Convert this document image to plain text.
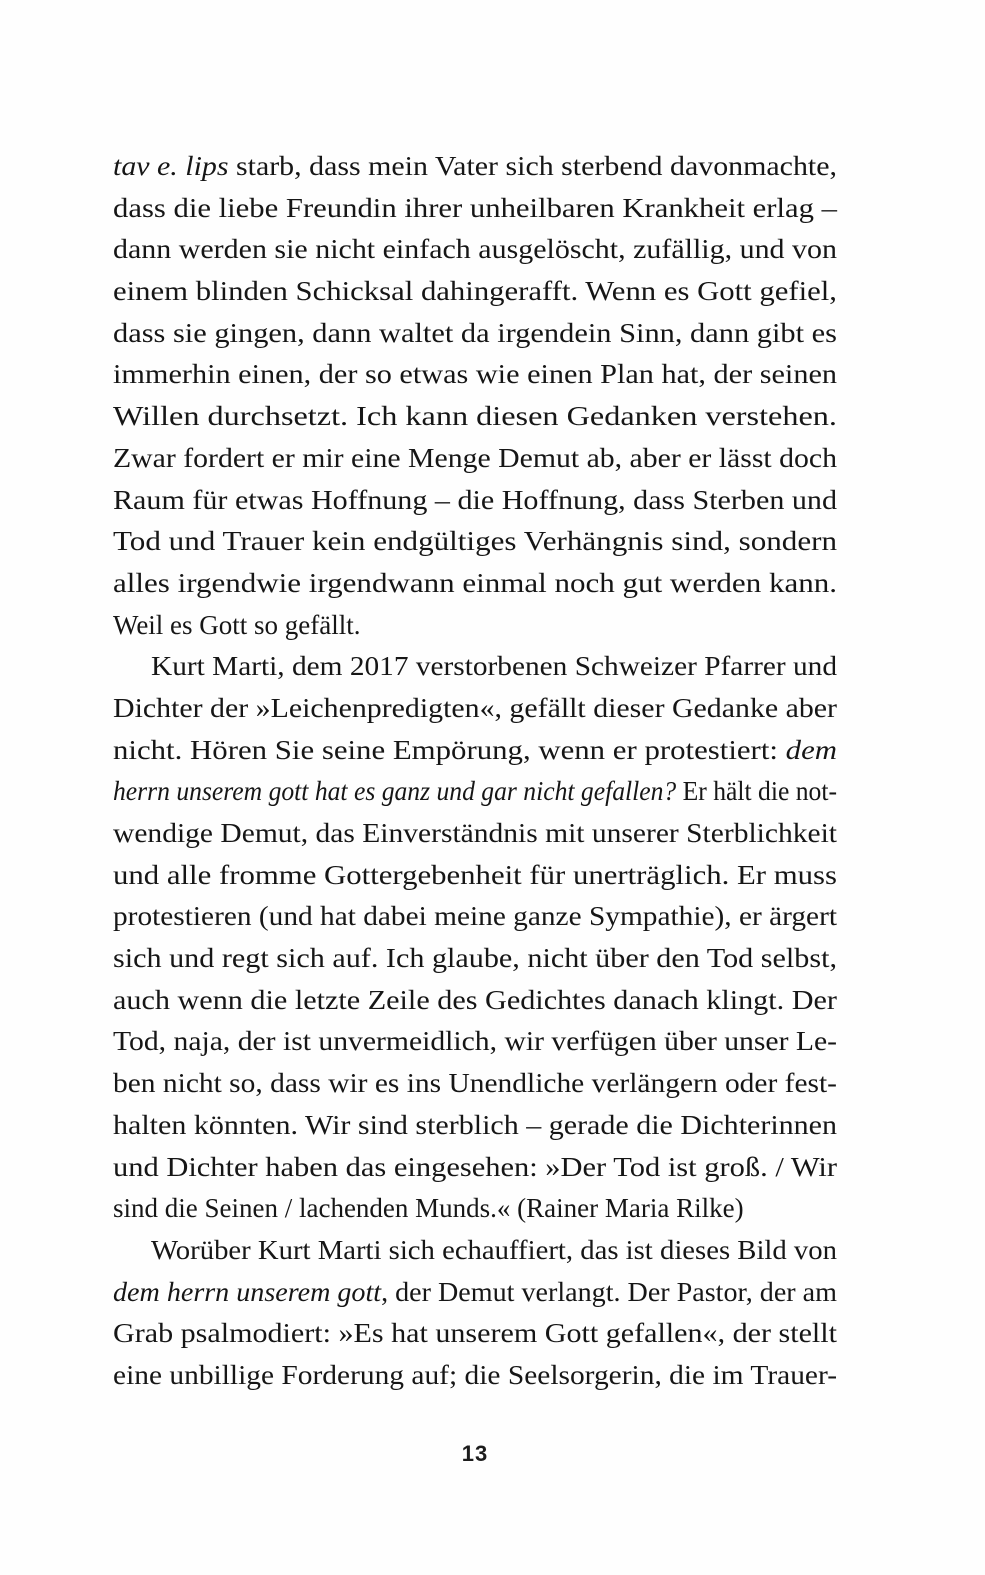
tav e. lips starb, dass mein Vater sich sterbend davonmachte,
dass die liebe Freundin ihrer unheilbaren Krankheit erlag –
dann werden sie nicht einfach ausgelöscht, zufällig, und von
einem blinden Schicksal dahingerafft. Wenn es Gott gefiel,
dass sie gingen, dann waltet da irgendein Sinn, dann gibt es
immerhin einen, der so etwas wie einen Plan hat, der seinen
Willen durchsetzt. Ich kann diesen Gedanken verstehen.
Zwar fordert er mir eine Menge Demut ab, aber er lässt doch
Raum für etwas Hoffnung – die Hoffnung, dass Sterben und
Tod und Trauer kein endgültiges Verhängnis sind, sondern
alles irgendwie irgendwann einmal noch gut werden kann.
Weil es Gott so gefällt.
Kurt Marti, dem 2017 verstorbenen Schweizer Pfarrer und
Dichter der »Leichenpredigten«, gefällt dieser Gedanke aber
nicht. Hören Sie seine Empörung, wenn er protestiert: dem
herrn unserem gott hat es ganz und gar nicht gefallen? Er hält die not-
wendige Demut, das Einverständnis mit unserer Sterblichkeit
und alle fromme Gottergebenheit für unerträglich. Er muss
protestieren (und hat dabei meine ganze Sympathie), er ärgert
sich und regt sich auf. Ich glaube, nicht über den Tod selbst,
auch wenn die letzte Zeile des Gedichtes danach klingt. Der
Tod, naja, der ist unvermeidlich, wir verfügen über unser Le-
ben nicht so, dass wir es ins Unendliche verlängern oder fest-
halten könnten. Wir sind sterblich – gerade die Dichterinnen
und Dichter haben das eingesehen: »Der Tod ist groß. / Wir
sind die Seinen / lachenden Munds.« (Rainer Maria Rilke)
Worüber Kurt Marti sich echauffiert, das ist dieses Bild von
dem herrn unserem gott, der Demut verlangt. Der Pastor, der am
Grab psalmodiert: »Es hat unserem Gott gefallen«, der stellt
eine unbillige Forderung auf; die Seelsorgerin, die im Trauer-
13
